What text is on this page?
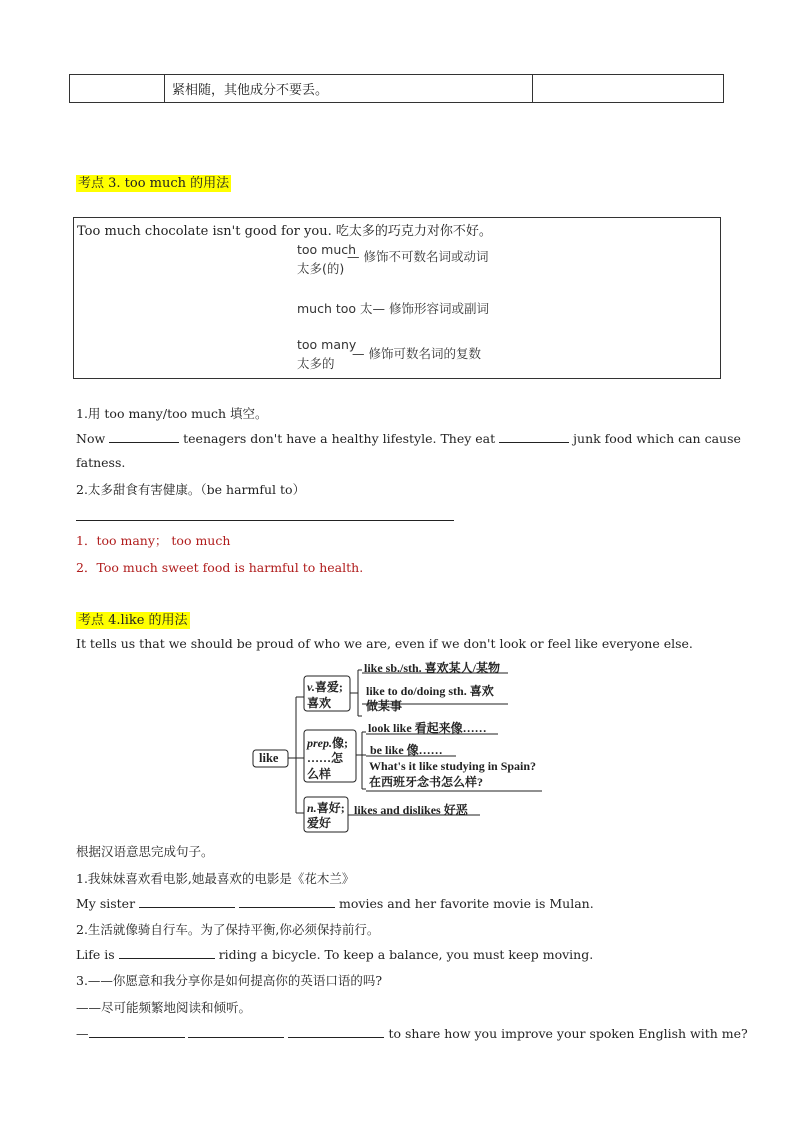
紧相随，其他成分不要丢。
考点 3. too much 的用法
Too much chocolate isn't good for you. 吃太多的巧克力对你不好。
too much
太多(的)
— 修饰不可数名词或动词
much too 太— 修饰形容词或副词
too many
太多的
— 修饰可数名词的复数
1.用 too many/too much 填空。
Now	teenagers don't have a healthy lifestyle. They eat	junk food which can cause
fatness.
2.太多甜食有害健康。（be harmful to）
1．too many； too much
2．Too much sweet food is harmful to health.
考点 4.like 的用法
It tells us that we should be proud of who we are, even if we don't look or feel like everyone else.
like
v.喜爱;
喜欢
like sb./sth. 喜欢某人/某物
like to do/doing sth. 喜欢
做某事
prep.像;
……怎
么样
look like 看起来像……
be like 像……
What's it like studying in Spain?
在西班牙念书怎么样?
n.喜好;
爱好
likes and dislikes 好恶
根据汉语意思完成句子。
1.我妹妹喜欢看电影,她最喜欢的电影是《花木兰》
My sister	movies and her favorite movie is Mulan.
2.生活就像骑自行车。为了保持平衡,你必须保持前行。
Life is	riding a bicycle. To keep a balance, you must keep moving.
3.——你愿意和我分享你是如何提高你的英语口语的吗?
——尽可能频繁地阅读和倾听。
—	to share how you improve your spoken English with me?
